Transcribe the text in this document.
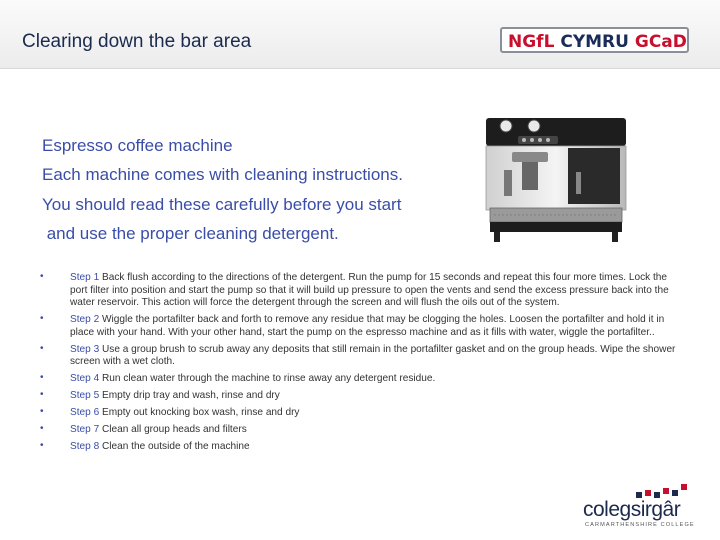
Clearing down the bar area	NGfL CYMRU GCaD
Espresso coffee machine
Each machine comes with cleaning instructions.
You should read these carefully before you start
and use the proper cleaning detergent.
•	Step 1 Back flush according to the directions of the detergent. Run the pump for 15 seconds and repeat this four more times. Lock the port filter into position and start the pump so that it will build up pressure to open the vents and send the excess pressure back into the water reservoir. This action will force the detergent through the screen and will flush the oils out of the system.
•	Step 2 Wiggle the portafilter back and forth to remove any residue that may be clogging the holes. Loosen the portafilter and hold it in place with your hand. With your other hand, start the pump on the espresso machine and as it fills with water, wiggle the portafilter..
•	Step 3 Use a group brush to scrub away any deposits that still remain in the portafilter gasket and on the group heads. Wipe the shower screen with a wet cloth.
•	Step 4 Run clean water through the machine to rinse away any detergent residue.
•	Step 5 Empty drip tray and wash, rinse and dry
•	Step 6 Empty out knocking box wash, rinse and dry
•	Step 7 Clean all group heads and filters
•	Step 8 Clean the outside of the machine
colegsirgâr
CARMARTHENSHIRE COLLEGE
